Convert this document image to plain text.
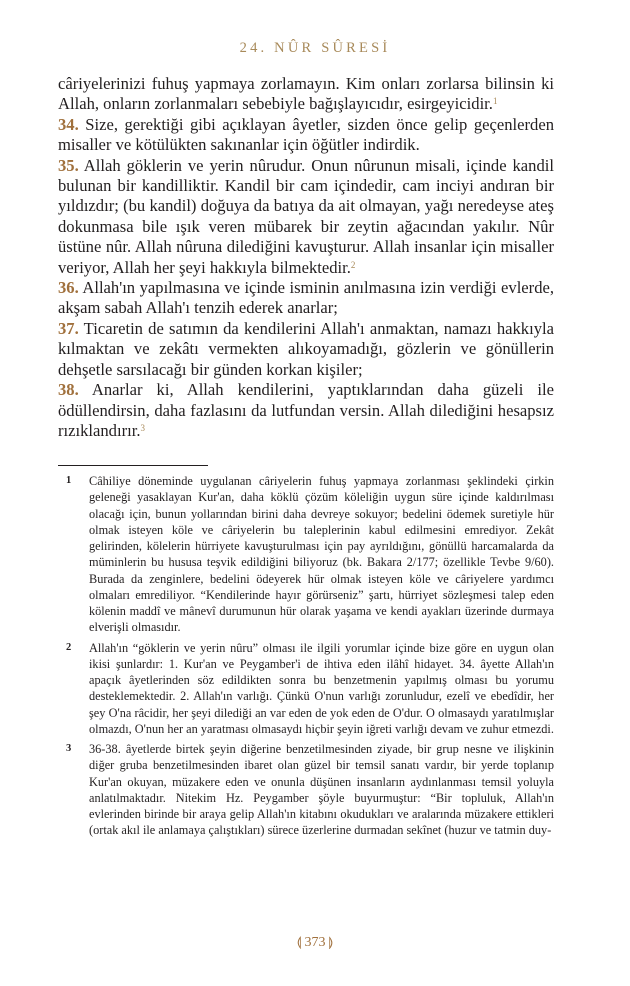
24. NÛR SÛRESİ

câriyelerinizi fuhuş yapmaya zorlamayın. Kim onları zorlarsa bilinsin ki Allah, onların zorlanmaları sebebiyle bağışlayıcıdır, esirgeyicidir.$^1$

34. Size, gerektiği gibi açıklayan âyetler, sizden önce gelip geçenlerden misaller ve kötülükten sakınanlar için öğütler indirdik.

35. Allah göklerin ve yerin nûrudur. Onun nûrunun misali, içinde kandil bulunan bir kandilliktir. Kandil bir cam içindedir, cam inciyi andıran bir yıldızdır; (bu kandil) doğuya da batıya da ait olmayan, yağı neredeyse ateş dokunmasa bile ışık veren mübarek bir zeytin ağacından yakılır. Nûr üstüne nûr. Allah nûruna dilediğini kavuşturur. Allah insanlar için misaller veriyor, Allah her şeyi hakkıyla bilmektedir.$^2$

36. Allah'ın yapılmasına ve içinde isminin anılmasına izin verdiği evlerde, akşam sabah Allah'ı tenzih ederek anarlar;

37. Ticaretin de satımın da kendilerini Allah'ı anmaktan, namazı hakkıyla kılmaktan ve zekâtı vermekten alıkoyamadığı, gözlerin ve gönüllerin dehşetle sarsılacağı bir günden korkan kişiler;

38. Anarlar ki, Allah kendilerini, yaptıklarından daha güzeli ile ödüllendirsin, daha fazlasını da lutfundan versin. Allah dilediğini hesapsız rızıklandırır.$^3$

1 Câhiliye döneminde uygulanan câriyelerin fuhuş yapmaya zorlanması şeklindeki çirkin geleneği yasaklayan Kur'an, daha köklü çözüm köleliğin uygun süre içinde kaldırılması olacağı için, bunun yollarından birini daha devreye sokuyor; bedelini ödemek suretiyle hür olmak isteyen köle ve câriyelerin bu taleplerinin kabul edilmesini emrediyor. Zekât gelirinden, kölelerin hürriyete kavuşturulması için pay ayrıldığını, gönüllü harcamalarda da müminlerin bu hususa teşvik edildiğini biliyoruz (bk. Bakara 2/177; özellikle Tevbe 9/60). Burada da zenginlere, bedelini ödeyerek hür olmak isteyen köle ve câriyelere yardımcı olmaları emrediliyor. “Kendilerinde hayır görürseniz” şartı, hürriyet sözleşmesi talep eden kölenin maddî ve mânevî durumunun hür olarak yaşama ve kendi ayakları üzerinde durmaya elverişli olmasıdır.
2 Allah'ın “göklerin ve yerin nûru” olması ile ilgili yorumlar içinde bize göre en uygun olan ikisi şunlardır: 1. Kur'an ve Peygamber'i de ihtiva eden ilâhî hidayet. 34. âyette Allah'ın apaçık âyetlerinden söz edildikten sonra bu benzetmenin yapılmış olması bu yorumu desteklemektedir. 2. Allah'ın varlığı. Çünkü O'nun varlığı zorunludur, ezelî ve ebedîdir, her şey O'na râcidir, her şeyi dilediği an var eden de yok eden de O'dur. O olmasaydı yaratılmışlar olmazdı, O'nun her an yaratması olmasaydı hiçbir şeyin iğreti varlığı devam ve zuhur etmezdi.
3 36-38. âyetlerde birtek şeyin diğerine benzetilmesinden ziyade, bir grup nesne ve ilişkinin diğer gruba benzetilmesinden ibaret olan güzel bir temsil sanatı vardır, bir yerde toplanıp Kur'an okuyan, müzakere eden ve onunla düşünen insanların aydınlanması temsil yoluyla anlatılmaktadır. Nitekim Hz. Peygamber şöyle buyurmuştur: “Bir topluluk, Allah'ın evlerinden birinde bir araya gelip Allah'ın kitabını okudukları ve aralarında müzakere ettikleri (ortak akıl ile anlamaya çalıştıkları) sürece üzerlerine durmadan sekînet (huzur ve tatmin duy-
⟬ 373 ⟭
